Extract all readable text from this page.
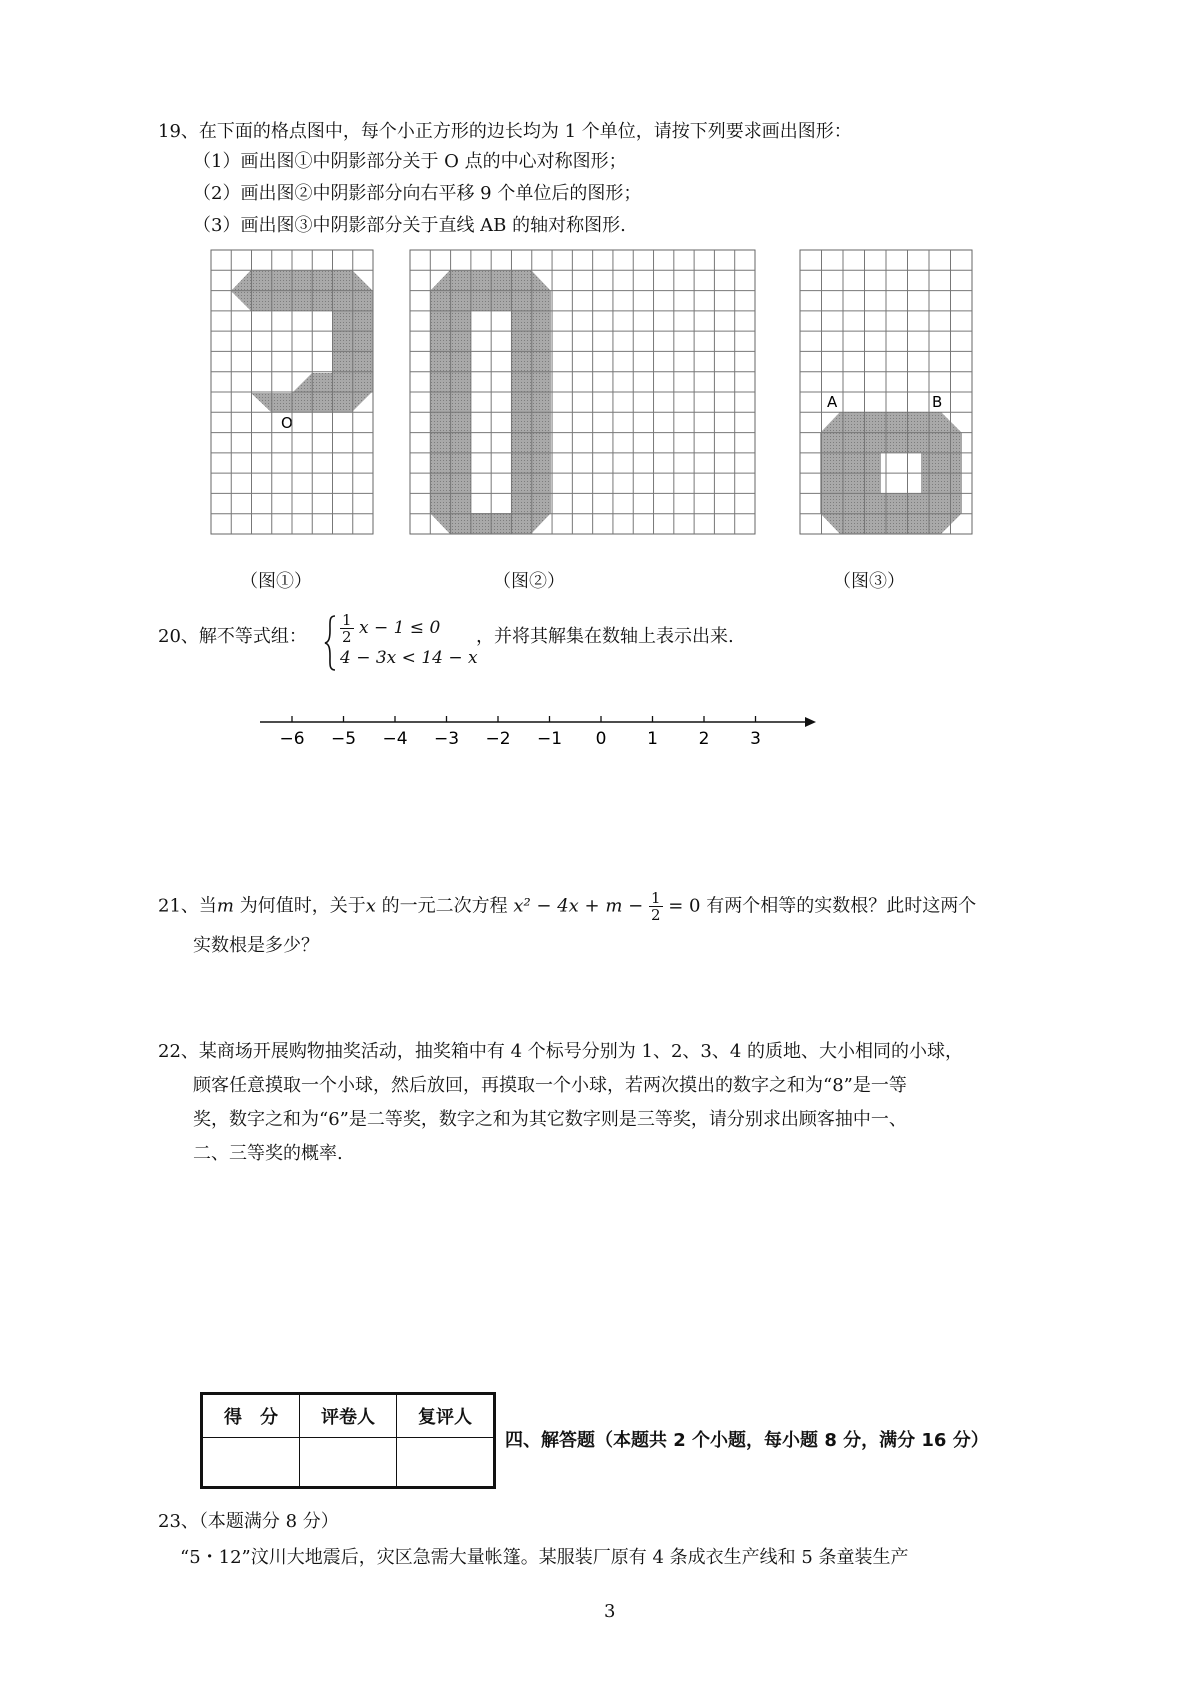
19、在下面的格点图中，每个小正方形的边长均为 1 个单位，请按下列要求画出图形：
（1）画出图①中阴影部分关于 O 点的中心对称图形；
（2）画出图②中阴影部分向右平移 9 个单位后的图形；
（3）画出图③中阴影部分关于直线 AB 的轴对称图形.
O
A	B
（图①）	（图②）	（图③）
20、解不等式组： $\frac{1}{2}$ x − 1 ≤ 0
4 − 3x < 14 − x
，并将其解集在数轴上表示出来.
−6 −5 −4 −3 −2 −1 0 1 2 3
21、当m 为何值时，关于x 的一元二次方程 $x^2 - 4x + m - \frac{1}{2} = 0$ 有两个相等的实数根？此时这两个
实数根是多少？
22、某商场开展购物抽奖活动，抽奖箱中有 4 个标号分别为 1、2、3、4 的质地、大小相同的小球，
顾客任意摸取一个小球，然后放回，再摸取一个小球，若两次摸出的数字之和为“8”是一等
奖，数字之和为“6”是二等奖，数字之和为其它数字则是三等奖，请分别求出顾客抽中一、
二、三等奖的概率.
得　分	评卷人	复评人

四、解答题（本题共 2 个小题，每小题 8 分，满分 16 分）
23、（本题满分 8 分）
“5・12”汶川大地震后，灾区急需大量帐篷。某服装厂原有 4 条成衣生产线和 5 条童装生产
3
